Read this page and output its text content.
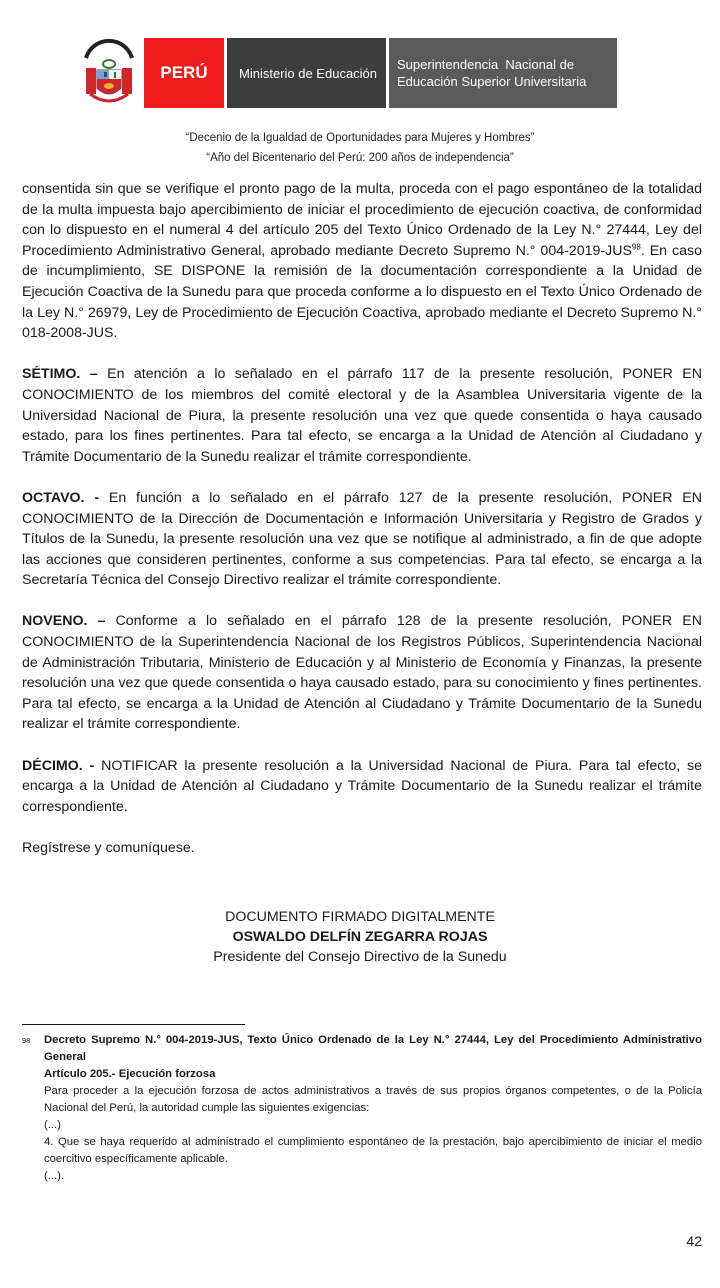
PERÚ Ministerio de Educación
Superintendencia  Nacional de
Educación Superior Universitaria
“Decenio de la Igualdad de Oportunidades para Mujeres y Hombres”
“Año del Bicentenario del Perú: 200 años de independencia”

consentida sin que se verifique el pronto pago de la multa, proceda con el pago espontáneo de la totalidad de la multa impuesta bajo apercibimiento de iniciar el procedimiento de ejecución coactiva, de conformidad con lo dispuesto en el numeral 4 del artículo 205 del Texto Único Ordenado de la Ley N.° 27444, Ley del Procedimiento Administrativo General, aprobado mediante Decreto Supremo N.° 004-2019-JUS$^{98}$. En caso de incumplimiento, SE DISPONE la remisión de la documentación correspondiente a la Unidad de Ejecución Coactiva de la Sunedu para que proceda conforme a lo dispuesto en el Texto Único Ordenado de la Ley N.° 26979, Ley de Procedimiento de Ejecución Coactiva, aprobado mediante el Decreto Supremo N.° 018-2008-JUS.

SÉTIMO. – En atención a lo señalado en el párrafo 117 de la presente resolución, PONER EN CONOCIMIENTO de los miembros del comité electoral y de la Asamblea Universitaria vigente de la Universidad Nacional de Piura, la presente resolución una vez que quede consentida o haya causado estado, para los fines pertinentes. Para tal efecto, se encarga a la Unidad de Atención al Ciudadano y Trámite Documentario de la Sunedu realizar el trámite correspondiente.

OCTAVO. - En función a lo señalado en el párrafo 127 de la presente resolución, PONER EN CONOCIMIENTO de la Dirección de Documentación e Información Universitaria y Registro de Grados y Títulos de la Sunedu, la presente resolución una vez que se notifique al administrado, a fin de que adopte las acciones que consideren pertinentes, conforme a sus competencias. Para tal efecto, se encarga a la Secretaría Técnica del Consejo Directivo realizar el trámite correspondiente.

NOVENO. – Conforme a lo señalado en el párrafo 128 de la presente resolución, PONER EN CONOCIMIENTO de la Superintendencia Nacional de los Registros Públicos, Superintendencia Nacional de Administración Tributaria, Ministerio de Educación y al Ministerio de Economía y Finanzas, la presente resolución una vez que quede consentida o haya causado estado, para su conocimiento y fines pertinentes. Para tal efecto, se encarga a la Unidad de Atención al Ciudadano y Trámite Documentario de la Sunedu realizar el trámite correspondiente.

DÉCIMO. - NOTIFICAR la presente resolución a la Universidad Nacional de Piura. Para tal efecto, se encarga a la Unidad de Atención al Ciudadano y Trámite Documentario de la Sunedu realizar el trámite correspondiente.

Regístrese y comuníquese.

DOCUMENTO FIRMADO DIGITALMENTE
OSWALDO DELFÍN ZEGARRA ROJAS
Presidente del Consejo Directivo de la Sunedu
98 Decreto Supremo N.° 004-2019-JUS, Texto Único Ordenado de la Ley N.° 27444, Ley del Procedimiento Administrativo General
Artículo 205.- Ejecución forzosa
Para proceder a la ejecución forzosa de actos administrativos a través de sus propios órganos competentes, o de la Policía Nacional del Perú, la autoridad cumple las siguientes exigencias:
(...)
4. Que se haya requerido al administrado el cumplimiento espontáneo de la prestación, bajo apercibimiento de iniciar el medio coercitivo específicamente aplicable.
(...).
42
